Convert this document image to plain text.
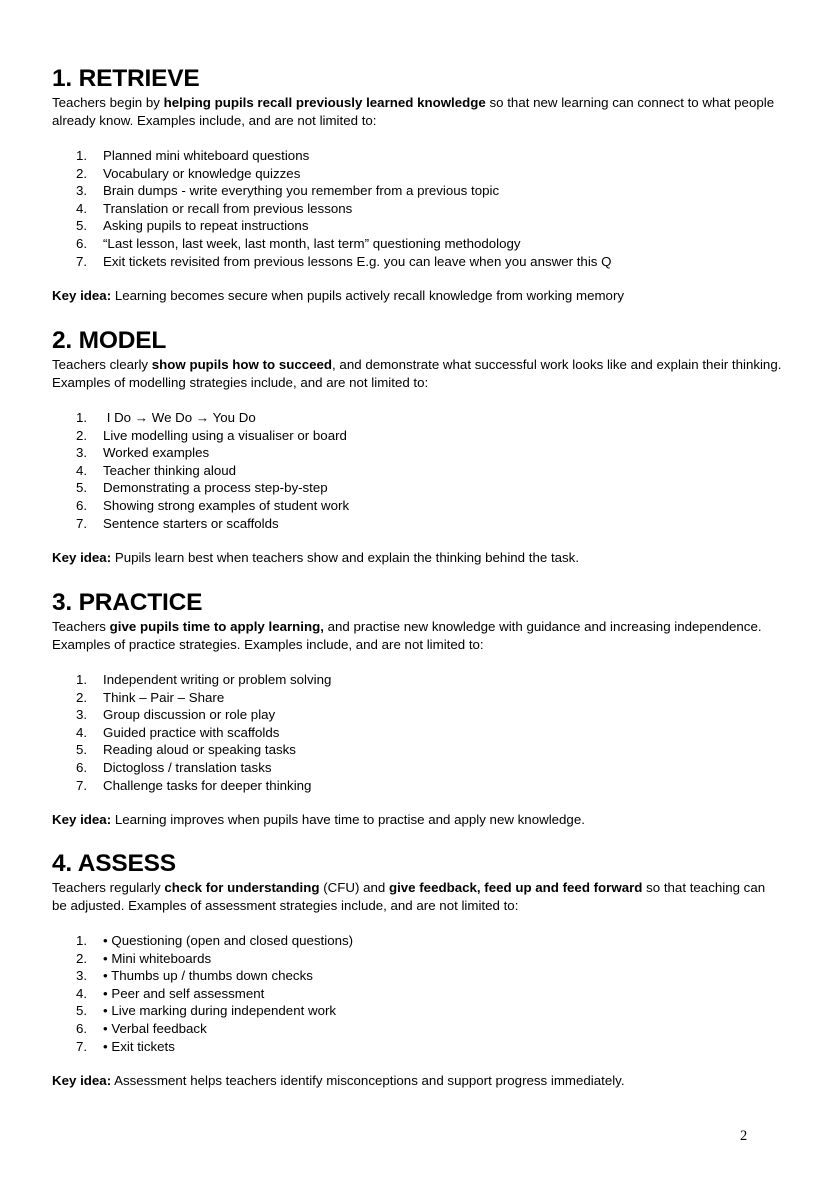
1. RETRIEVE

Teachers begin by helping pupils recall previously learned knowledge so that new learning can connect to what people already know. Examples include, and are not limited to:

1. Planned mini whiteboard questions
2. Vocabulary or knowledge quizzes
3. Brain dumps - write everything you remember from a previous topic
4. Translation or recall from previous lessons
5. Asking pupils to repeat instructions
6. “Last lesson, last week, last month, last term” questioning methodology
7. Exit tickets revisited from previous lessons E.g. you can leave when you answer this Q

Key idea: Learning becomes secure when pupils actively recall knowledge from working memory

2. MODEL

Teachers clearly show pupils how to succeed, and demonstrate what successful work looks like and explain their thinking. Examples of modelling strategies include, and are not limited to:

1. I Do → We Do → You Do
2. Live modelling using a visualiser or board
3. Worked examples
4. Teacher thinking aloud
5. Demonstrating a process step-by-step
6. Showing strong examples of student work
7. Sentence starters or scaffolds

Key idea: Pupils learn best when teachers show and explain the thinking behind the task.

3. PRACTICE

Teachers give pupils time to apply learning, and practise new knowledge with guidance and increasing independence. Examples of practice strategies. Examples include, and are not limited to:

1. Independent writing or problem solving
2. Think – Pair – Share
3. Group discussion or role play
4. Guided practice with scaffolds
5. Reading aloud or speaking tasks
6. Dictogloss / translation tasks
7. Challenge tasks for deeper thinking

Key idea: Learning improves when pupils have time to practise and apply new knowledge.

4. ASSESS

Teachers regularly check for understanding (CFU) and give feedback, feed up and feed forward so that teaching can be adjusted. Examples of assessment strategies include, and are not limited to:

1. • Questioning (open and closed questions)
2. • Mini whiteboards
3. • Thumbs up / thumbs down checks
4. • Peer and self assessment
5. • Live marking during independent work
6. • Verbal feedback
7. • Exit tickets

Key idea: Assessment helps teachers identify misconceptions and support progress immediately.

2
